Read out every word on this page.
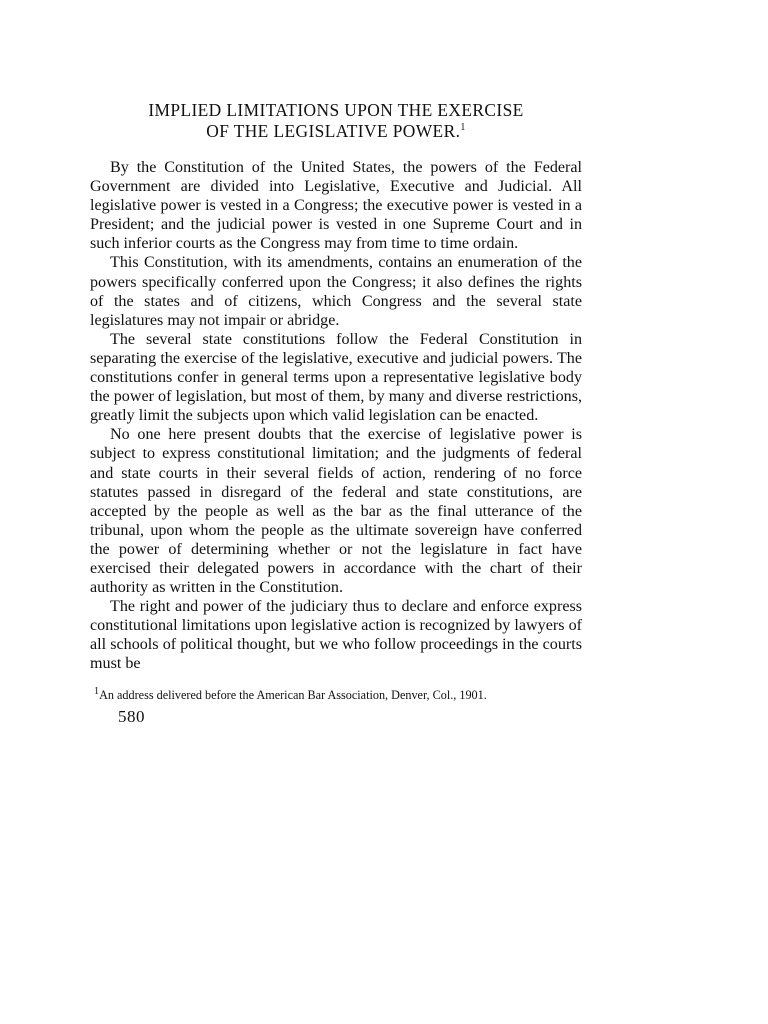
IMPLIED LIMITATIONS UPON THE EXERCISE
OF THE LEGISLATIVE POWER.$^1$

By the Constitution of the United States, the powers of the Federal Government are divided into Legislative, Executive and Judicial. All legislative power is vested in a Congress; the executive power is vested in a President; and the judicial power is vested in one Supreme Court and in such inferior courts as the Congress may from time to time ordain.

This Constitution, with its amendments, contains an enumeration of the powers specifically conferred upon the Congress; it also defines the rights of the states and of citizens, which Congress and the several state legislatures may not impair or abridge.

The several state constitutions follow the Federal Constitution in separating the exercise of the legislative, executive and judicial powers. The constitutions confer in general terms upon a representative legislative body the power of legislation, but most of them, by many and diverse restrictions, greatly limit the subjects upon which valid legislation can be enacted.

No one here present doubts that the exercise of legislative power is subject to express constitutional limitation; and the judgments of federal and state courts in their several fields of action, rendering of no force statutes passed in disregard of the federal and state constitutions, are accepted by the people as well as the bar as the final utterance of the tribunal, upon whom the people as the ultimate sovereign have conferred the power of determining whether or not the legislature in fact have exercised their delegated powers in accordance with the chart of their authority as written in the Constitution.

The right and power of the judiciary thus to declare and enforce express constitutional limitations upon legislative action is recognized by lawyers of all schools of political thought, but we who follow proceedings in the courts must be

$^1$An address delivered before the American Bar Association, Denver, Col., 1901.
580
